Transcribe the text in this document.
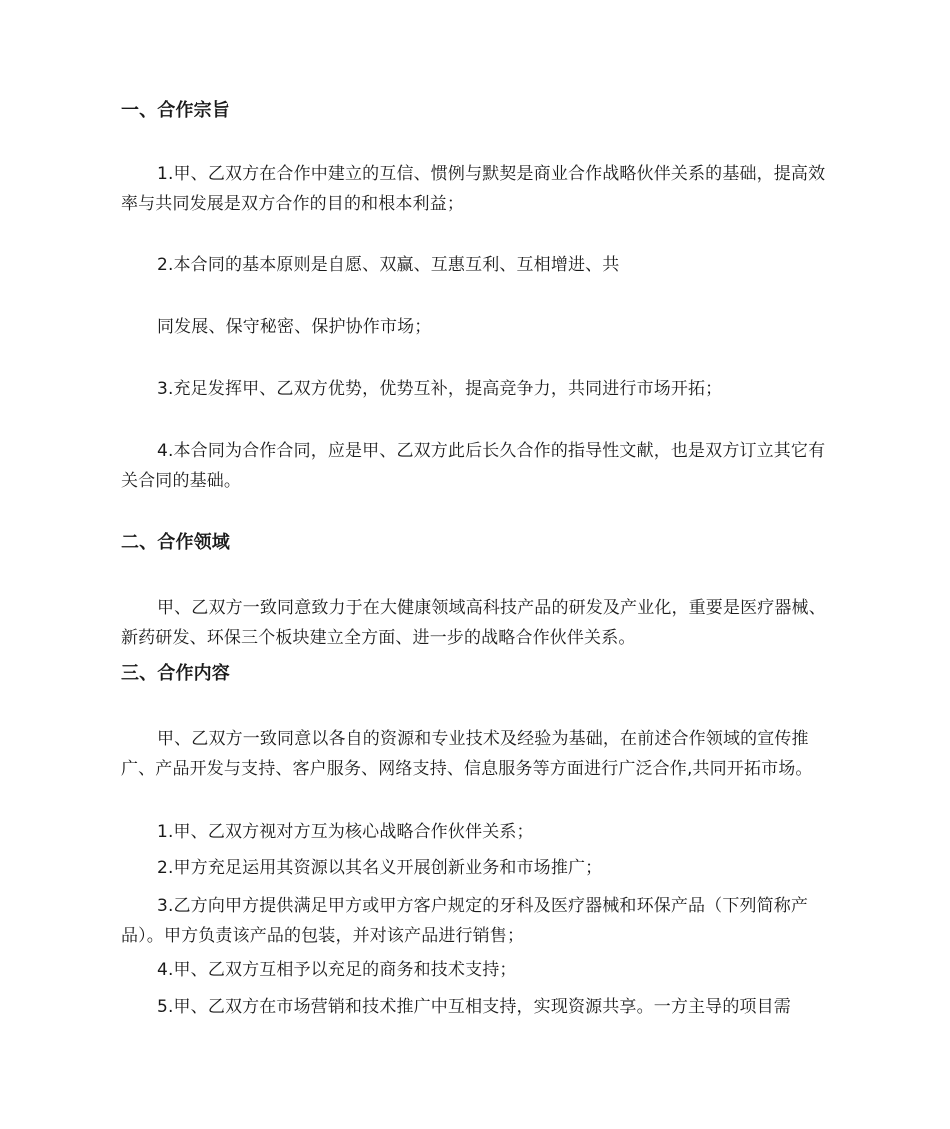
一、合作宗旨

1.甲、乙双方在合作中建立的互信、惯例与默契是商业合作战略伙伴关系的基础，提高效率与共同发展是双方合作的目的和根本利益；

2.本合同的基本原则是自愿、双赢、互惠互利、互相增进、共

同发展、保守秘密、保护协作市场；

3.充足发挥甲、乙双方优势，优势互补，提高竞争力，共同进行市场开拓；

4.本合同为合作合同，应是甲、乙双方此后长久合作的指导性文献，也是双方订立其它有关合同的基础。

二、合作领域

甲、乙双方一致同意致力于在大健康领域高科技产品的研发及产业化，重要是医疗器械、新药研发、环保三个板块建立全方面、进一步的战略合作伙伴关系。

三、合作内容

甲、乙双方一致同意以各自的资源和专业技术及经验为基础，在前述合作领域的宣传推广、产品开发与支持、客户服务、网络支持、信息服务等方面进行广泛合作,共同开拓市场。

1.甲、乙双方视对方互为核心战略合作伙伴关系；

2.甲方充足运用其资源以其名义开展创新业务和市场推广；

3.乙方向甲方提供满足甲方或甲方客户规定的牙科及医疗器械和环保产品（下列简称产品）。甲方负责该产品的包装，并对该产品进行销售；

4.甲、乙双方互相予以充足的商务和技术支持；

5.甲、乙双方在市场营销和技术推广中互相支持，实现资源共享。一方主导的项目需
